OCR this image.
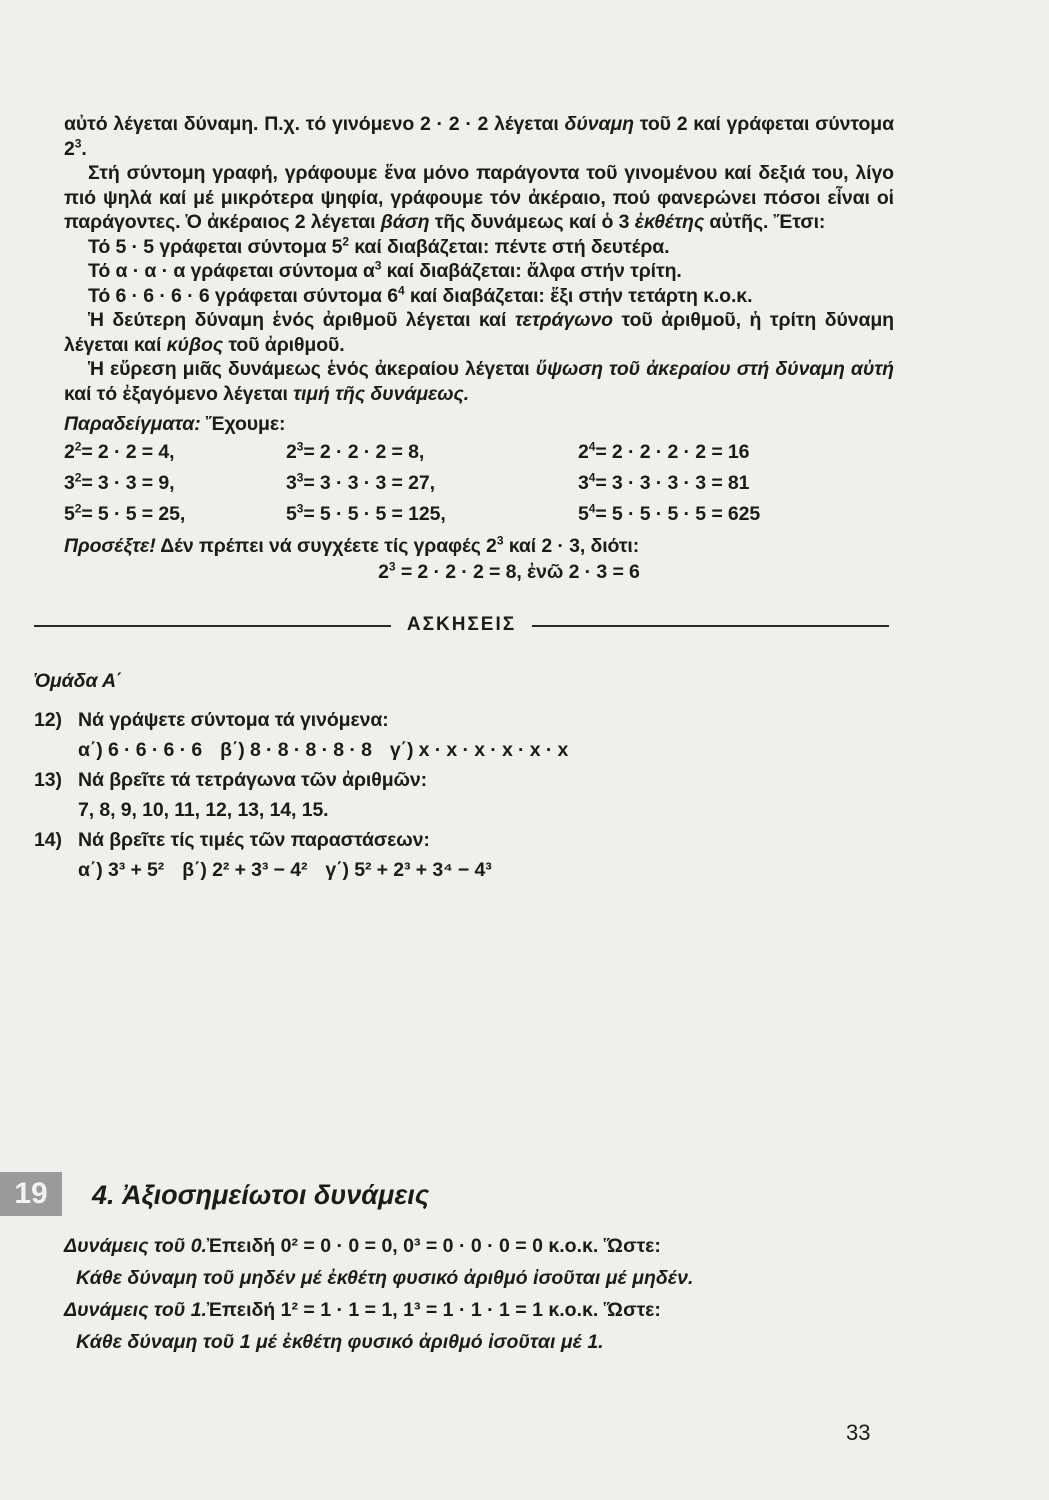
αὐτό λέγεται δύναμη. Π.χ. τό γινόμενο 2 · 2 · 2 λέγεται δύναμη τοῦ 2 καί γράφεται σύντομα $2^3$.

Στή σύντομη γραφή, γράφουμε ἕνα μόνο παράγοντα τοῦ γινομένου καί δεξιά του, λίγο πιό ψηλά καί μέ μικρότερα ψηφία, γράφουμε τόν ἀκέραιο, πού φανερώνει πόσοι εἶναι οἱ παράγοντες. Ὁ ἀκέραιος 2 λέγεται βάση τῆς δυνάμεως καί ὁ 3 ἐκθέτης αὐτῆς. Ἔτσι:

Τό 5 · 5 γράφεται σύντομα $5^2$ καί διαβάζεται: πέντε στή δευτέρα.

Τό α · α · α γράφεται σύντομα $\alpha^3$ καί διαβάζεται: ἄλφα στήν τρίτη.

Τό 6 · 6 · 6 · 6 γράφεται σύντομα $6^4$ καί διαβάζεται: ἕξι στήν τετάρτη κ.ο.κ.

Ἡ δεύτερη δύναμη ἑνός ἀριθμοῦ λέγεται καί τετράγωνο τοῦ ἀριθμοῦ, ἡ τρίτη δύναμη λέγεται καί κύβος τοῦ ἀριθμοῦ.

Ἡ εὕρεση μιᾶς δυνάμεως ἑνός ἀκεραίου λέγεται ὕψωση τοῦ ἀκεραίου στή δύναμη αὐτή καί τό ἐξαγόμενο λέγεται τιμή τῆς δυνάμεως.

Παραδείγματα: Ἔχουμε:

$2^2= 2 \cdot 2 = 4$,	$2^3= 2 \cdot 2 \cdot 2 = 8$,	$2^4= 2 \cdot 2 \cdot 2 \cdot 2 = 16$
$3^2= 3 \cdot 3 = 9$,	$3^3= 3 \cdot 3 \cdot 3 = 27$,	$3^4= 3 \cdot 3 \cdot 3 \cdot 3 = 81$
$5^2= 5 \cdot 5 = 25$,	$5^3= 5 \cdot 5 \cdot 5 = 125$,	$5^4= 5 \cdot 5 \cdot 5 \cdot 5 = 625$

Προσέξτε! Δέν πρέπει νά συγχέετε τίς γραφές $2^3$ καί 2 · 3, διότι:

$2^3 = 2 \cdot 2 \cdot 2 = 8$, ἐνῶ 2 · 3 = 6

ΑΣΚΗΣΕΙΣ
Ὁμάδα Α΄
12) Νά γράψετε σύντομα τά γινόμενα:
α΄) 6 · 6 · 6 · 6 β΄) 8 · 8 · 8 · 8 · 8 γ΄) x · x · x · x · x · x
13) Νά βρεῖτε τά τετράγωνα τῶν ἀριθμῶν:
7, 8, 9, 10, 11, 12, 13, 14, 15.
14) Νά βρεῖτε τίς τιμές τῶν παραστάσεων:
α΄) 3³ + 5² β΄) 2² + 3³ − 4² γ΄) 5² + 2³ + 3⁴ − 4³
19	4. Ἀξιοσημείωτοι δυνάμεις
Δυνάμεις τοῦ 0. Ἐπειδή 0² = 0 · 0 = 0, 0³ = 0 · 0 · 0 = 0 κ.ο.κ. Ὥστε:
Κάθε δύναμη τοῦ μηδέν μέ ἐκθέτη φυσικό ἀριθμό ἰσοῦται μέ μηδέν.
Δυνάμεις τοῦ 1. Ἐπειδή 1² = 1 · 1 = 1, 1³ = 1 · 1 · 1 = 1 κ.ο.κ. Ὥστε:
Κάθε δύναμη τοῦ 1 μέ ἐκθέτη φυσικό ἀριθμό ἰσοῦται μέ 1.
33
